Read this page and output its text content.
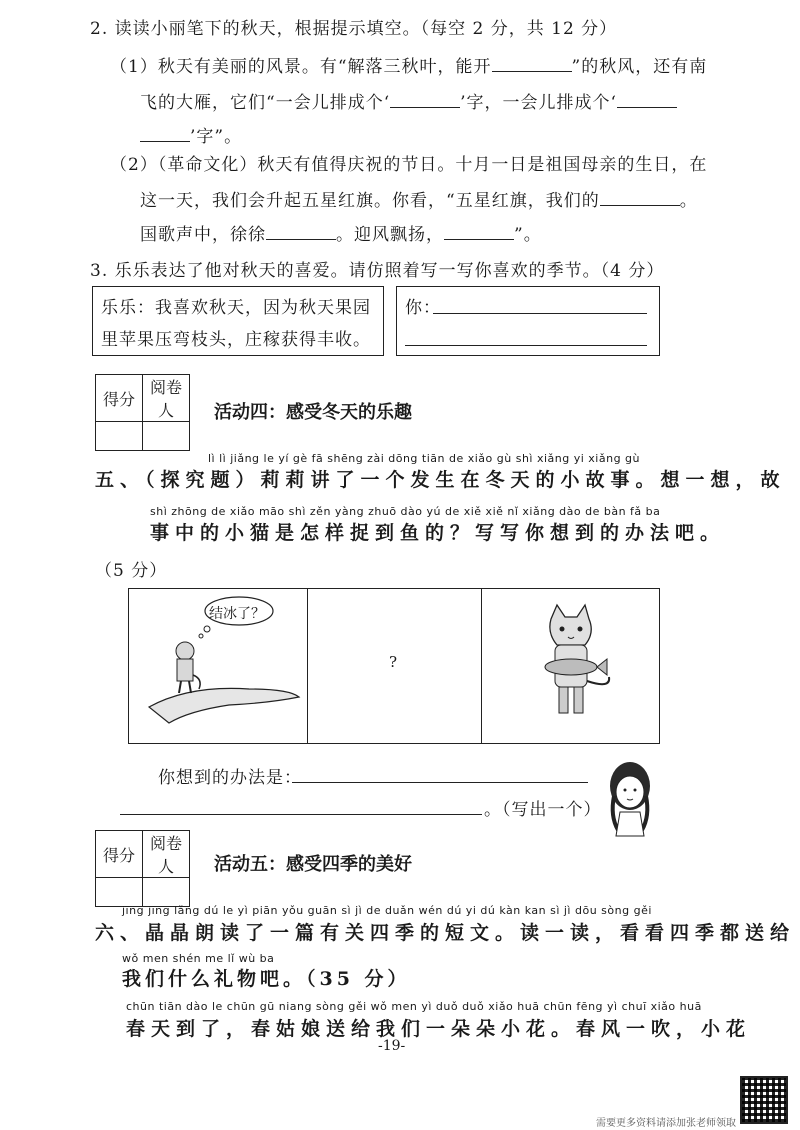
2. 读读小丽笔下的秋天，根据提示填空。（每空 2 分，共 12 分）
（1）秋天有美丽的风景。有“解落三秋叶，能开	”的秋风，还有南
飞的大雁，它们“一会儿排成个‘	’字，一会儿排成个‘
’字”。
（2）（革命文化）秋天有值得庆祝的节日。十月一日是祖国母亲的生日，在
这一天，我们会升起五星红旗。你看，“五星红旗，我们的	。
国歌声中，徐徐	。迎风飘扬，	”。
3. 乐乐表达了他对秋天的喜爱。请仿照着写一写你喜欢的季节。（4 分）
乐乐：我喜欢秋天，因为秋天果园
里苹果压弯枝头，庄稼获得丰收。
你：
得分	阅卷人
	活动四：感受冬天的乐趣
lì lì jiǎng le yí gè fā shēng zài dōng tiān de xiǎo gù shì xiǎng yi xiǎng gù
五、（探究题）莉莉讲了一个发生在冬天的小故事。想一想，故
shì zhōng de xiǎo māo shì zěn yàng zhuō dào yú de xiě xiě nǐ xiǎng dào de bàn fǎ ba
事中的小猫是怎样捉到鱼的？写写你想到的办法吧。
（5 分）
结冰了？
?
你想到的办法是：
。（写出一个）
得分	阅卷人
	活动五：感受四季的美好
jīng jīng lǎng dú le yì piān yǒu guān sì jì de duǎn wén dú yi dú kàn kan sì jì dōu sòng gěi
六、晶晶朗读了一篇有关四季的短文。读一读，看看四季都送给
wǒ men shén me lǐ wù ba
我们什么礼物吧。（35 分）
chūn tiān dào le chūn gū niang sòng gěi wǒ men yì duǒ duǒ xiǎo huā chūn fēng yì chuī xiǎo huā
春天到了，春姑娘送给我们一朵朵小花。春风一吹，小花
-19-
需要更多资料请添加张老师领取
